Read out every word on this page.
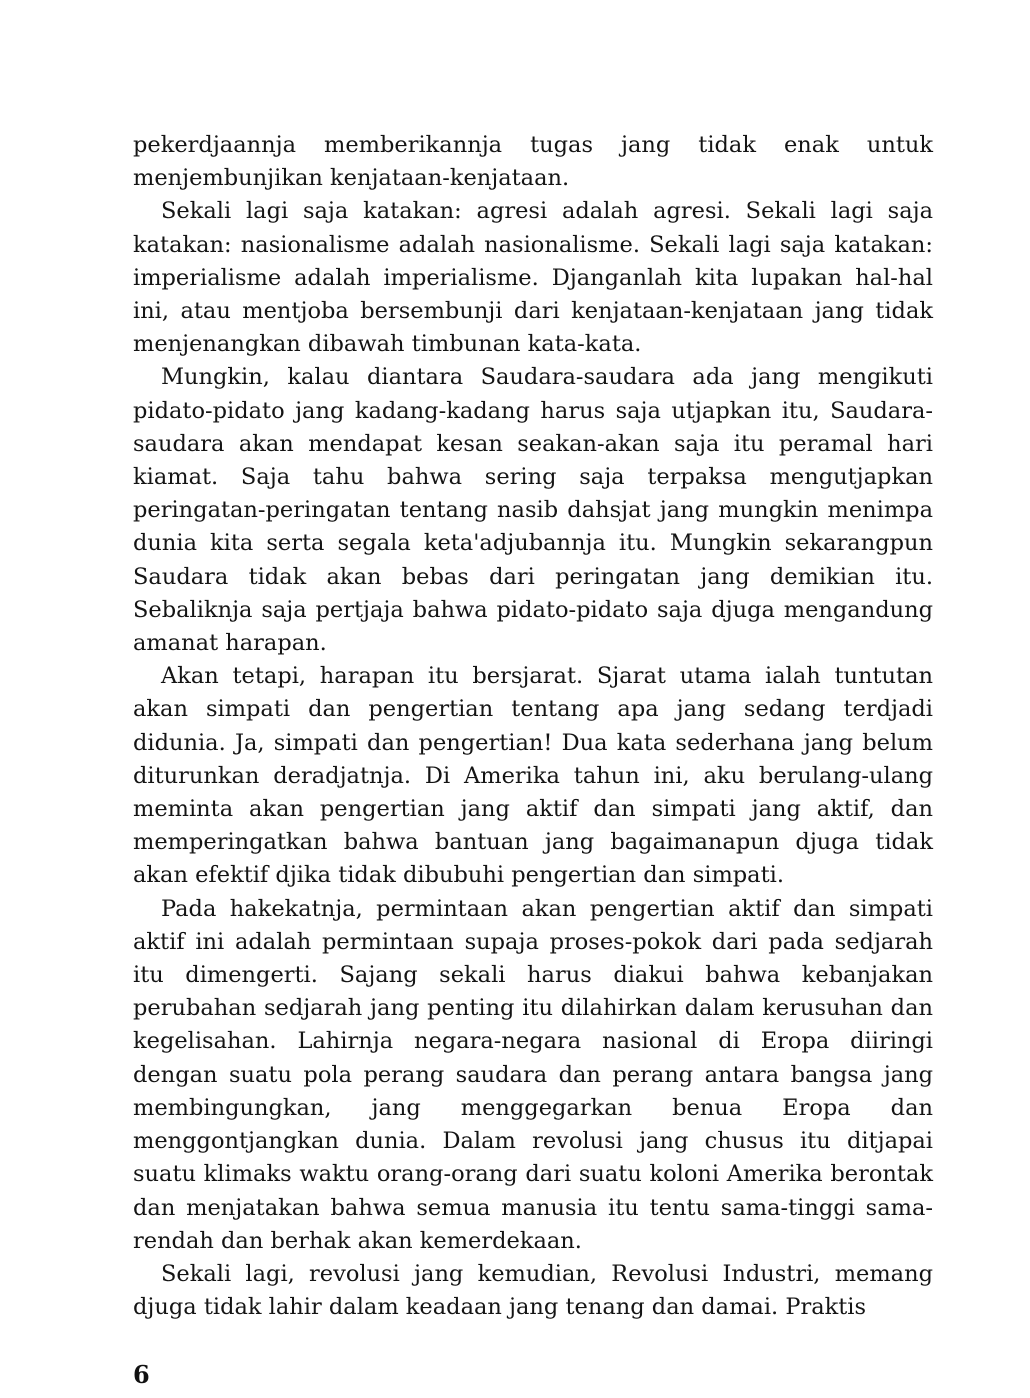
pekerdjaannja memberikannja tugas jang tidak enak untuk menjembunjikan kenjataan-kenjataan.

Sekali lagi saja katakan: agresi adalah agresi. Sekali lagi saja katakan: nasionalisme adalah nasionalisme. Sekali lagi saja katakan: imperialisme adalah imperialisme. Djanganlah kita lupakan hal-hal ini, atau mentjoba bersembunji dari kenjataan-kenjataan jang tidak menjenangkan dibawah timbunan kata-kata.

Mungkin, kalau diantara Saudara-saudara ada jang mengikuti pidato-pidato jang kadang-kadang harus saja utjapkan itu, Saudara-saudara akan mendapat kesan seakan-akan saja itu peramal hari kiamat. Saja tahu bahwa sering saja terpaksa mengutjapkan peringatan-peringatan tentang nasib dahsjat jang mungkin menimpa dunia kita serta segala keta'adjubannja itu. Mungkin sekarangpun Saudara tidak akan bebas dari peringatan jang demikian itu. Sebaliknja saja pertjaja bahwa pidato-pidato saja djuga mengandung amanat harapan.

Akan tetapi, harapan itu bersjarat. Sjarat utama ialah tuntutan akan simpati dan pengertian tentang apa jang sedang terdjadi didunia. Ja, simpati dan pengertian! Dua kata sederhana jang belum diturunkan deradjatnja. Di Amerika tahun ini, aku berulang-ulang meminta akan pengertian jang aktif dan simpati jang aktif, dan memperingatkan bahwa bantuan jang bagaimanapun djuga tidak akan efektif djika tidak dibubuhi pengertian dan simpati.

Pada hakekatnja, permintaan akan pengertian aktif dan simpati aktif ini adalah permintaan supaja proses-pokok dari pada sedjarah itu dimengerti. Sajang sekali harus diakui bahwa kebanjakan perubahan sedjarah jang penting itu dilahirkan dalam kerusuhan dan kegelisahan. Lahirnja negara-negara nasional di Eropa diiringi dengan suatu pola perang saudara dan perang antara bangsa jang membingungkan, jang menggegarkan benua Eropa dan menggontjangkan dunia. Dalam revolusi jang chusus itu ditjapai suatu klimaks waktu orang-orang dari suatu koloni Amerika berontak dan menjatakan bahwa semua manusia itu tentu sama-tinggi sama-rendah dan berhak akan kemerdekaan.

Sekali lagi, revolusi jang kemudian, Revolusi Industri, memang djuga tidak lahir dalam keadaan jang tenang dan damai. Praktis

6
